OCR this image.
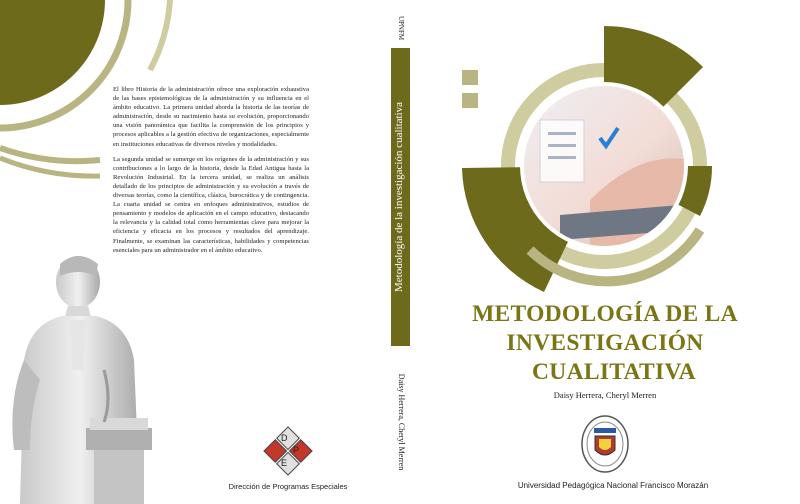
El libro Historia de la administración ofrece una exploración exhaustiva de las bases epistemológicas de la administración y su influencia en el ámbito educativo. La primera unidad aborda la historia de las teorías de administración, desde su nacimiento hasta su evolución, proporcionando una visión panorámica que facilita la comprensión de los principios y procesos aplicables a la gestión efectiva de organizaciones, especialmente en instituciones educativas de diversos niveles y modalidades.

La segunda unidad se sumerge en los orígenes de la administración y sus contribuciones a lo largo de la historia, desde la Edad Antigua hasta la Revolución Industrial. En la tercera unidad, se realiza un análisis detallado de los principios de administración y su evolución a través de diversas teorías, como la científica, clásica, burocrática y de contingencia. La cuarta unidad se centra en enfoques administrativos, estudios de pensamiento y modelos de aplicación en el campo educativo, destacando la relevancia y la calidad total como herramientas clave para mejorar la eficiencia y eficacia en los procesos y resultados del aprendizaje. Finalmente, se examinan las características, habilidades y competencias esenciales para un administrador en el ámbito educativo.

D
P
E
Dirección de Programas Especiales
UPNFM
Metodología de la investigación cualitativa
Daisy Herrera, Cheryl Merren
METODOLOGÍA DE LA
INVESTIGACIÓN

CUALITATIVA
Daisy Herrera, Cheryl Merren
Universidad Pedagógica Nacional Francisco Morazán
